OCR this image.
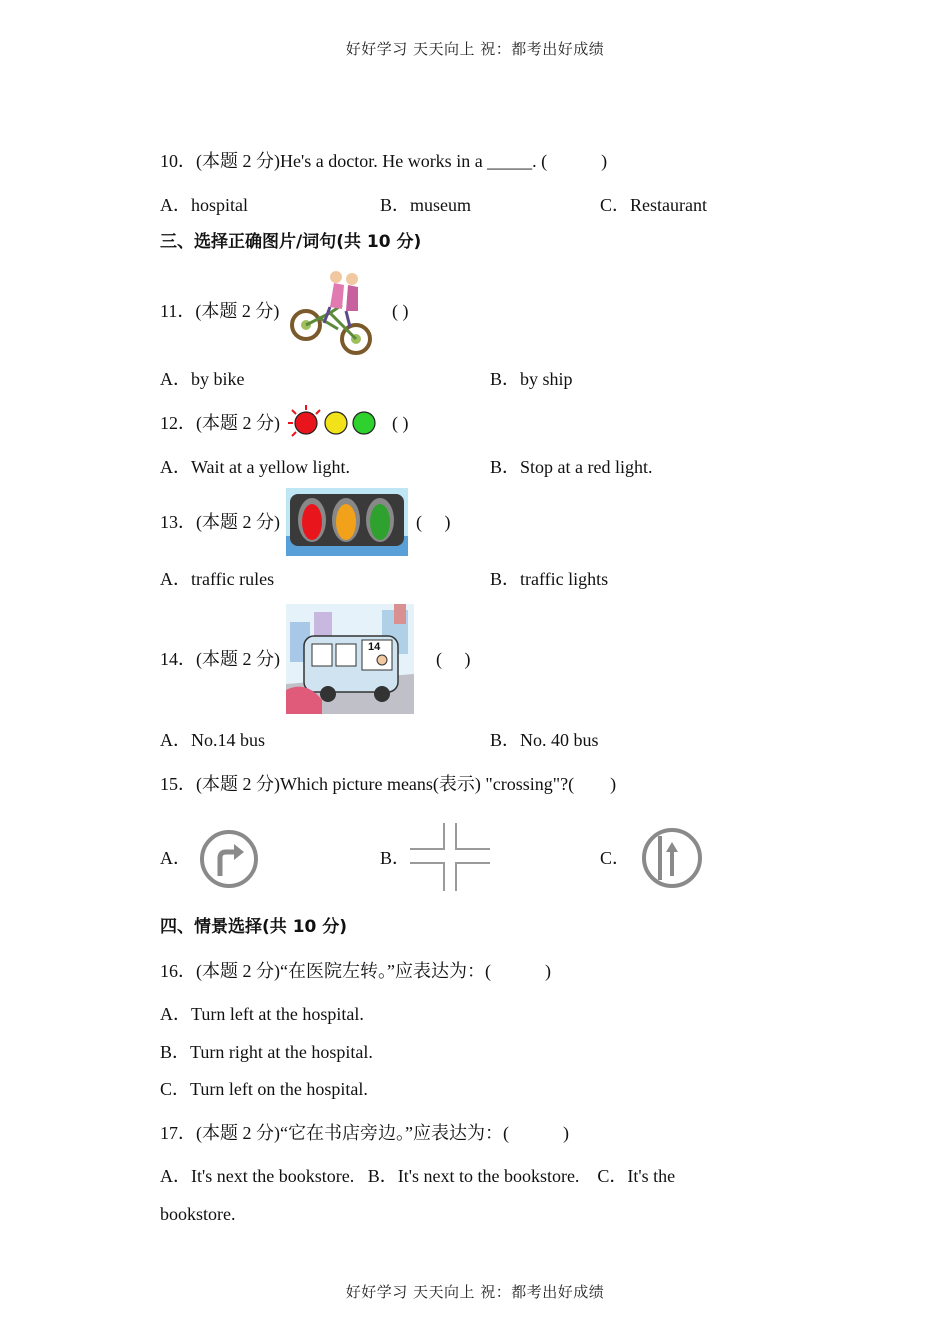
好好学习 天天向上 祝：都考出好成绩
10．(本题 2 分)He's a doctor. He works in a _____. (　　　)
A．hospital	B．museum	C．Restaurant
三、选择正确图片/词句(共 10 分)
11．(本题 2 分)	( )
A．by bike	B．by ship
12．(本题 2 分)	( )
A．Wait at a yellow light.	B．Stop at a red light.
13．(本题 2 分)	(　 )
A．traffic rules	B．traffic lights
14．(本题 2 分)
14
(　 )
A．No.14 bus	B．No. 40 bus
15．(本题 2 分)Which picture means(表示) "crossing"?(　　)
A．	B．	C．
四、情景选择(共 10 分)
16．(本题 2 分)“在医院左转。”应表达为：(　　　)
A．Turn left at the hospital.
B．Turn right at the hospital.
C．Turn left on the hospital.
17．(本题 2 分)“它在书店旁边。”应表达为：(　　　)
A．It's next the bookstore.   B．It's next to the bookstore.    C．It's the
bookstore.
好好学习 天天向上 祝：都考出好成绩
